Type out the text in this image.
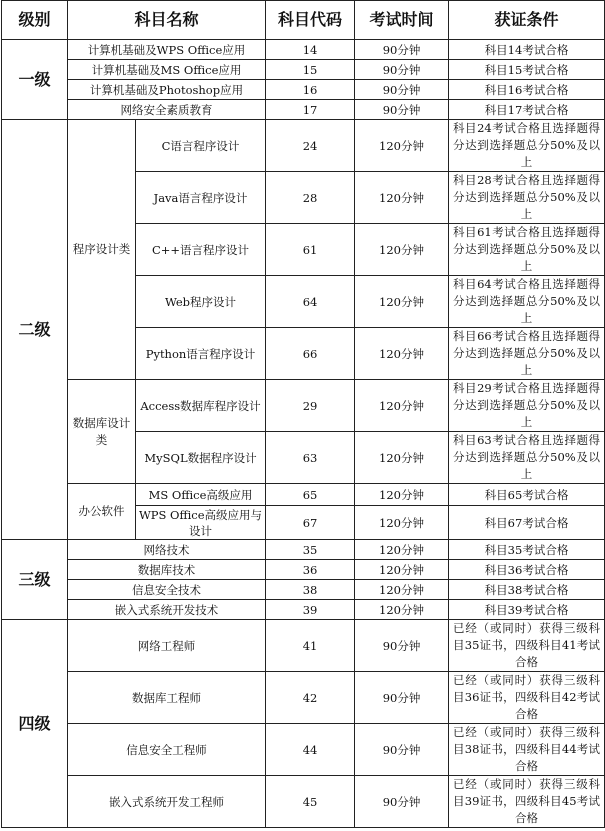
级别	科目名称		科目代码	考试时间	获证条件
一级	计算机基础及WPS Office应用		14	90分钟	科目14考试合格
	计算机基础及MS Office应用		15	90分钟	科目15考试合格
	计算机基础及Photoshop应用		16	90分钟	科目16考试合格
	网络安全素质教育		17	90分钟	科目17考试合格
二级	程序设计类	C语言程序设计	24	120分钟	科目24考试合格且选择题得分达到选择题总分50%及以上
		Java语言程序设计	28	120分钟	科目28考试合格且选择题得分达到选择题总分50%及以上
		C++语言程序设计	61	120分钟	科目61考试合格且选择题得分达到选择题总分50%及以上
		Web程序设计	64	120分钟	科目64考试合格且选择题得分达到选择题总分50%及以上
		Python语言程序设计	66	120分钟	科目66考试合格且选择题得分达到选择题总分50%及以上
	数据库设计类	Access数据库程序设计	29	120分钟	科目29考试合格且选择题得分达到选择题总分50%及以上
		MySQL数据程序设计	63	120分钟	科目63考试合格且选择题得分达到选择题总分50%及以上
	办公软件	MS Office高级应用	65	120分钟	科目65考试合格
		WPS Office高级应用与设计	67	120分钟	科目67考试合格
三级	网络技术		35	120分钟	科目35考试合格
	数据库技术		36	120分钟	科目36考试合格
	信息安全技术		38	120分钟	科目38考试合格
	嵌入式系统开发技术		39	120分钟	科目39考试合格
四级	网络工程师		41	90分钟	已经（或同时）获得三级科目35证书，四级科目41考试合格
	数据库工程师		42	90分钟	已经（或同时）获得三级科目36证书，四级科目42考试合格
	信息安全工程师		44	90分钟	已经（或同时）获得三级科目38证书，四级科目44考试合格
	嵌入式系统开发工程师		45	90分钟	已经（或同时）获得三级科目39证书，四级科目45考试合格
